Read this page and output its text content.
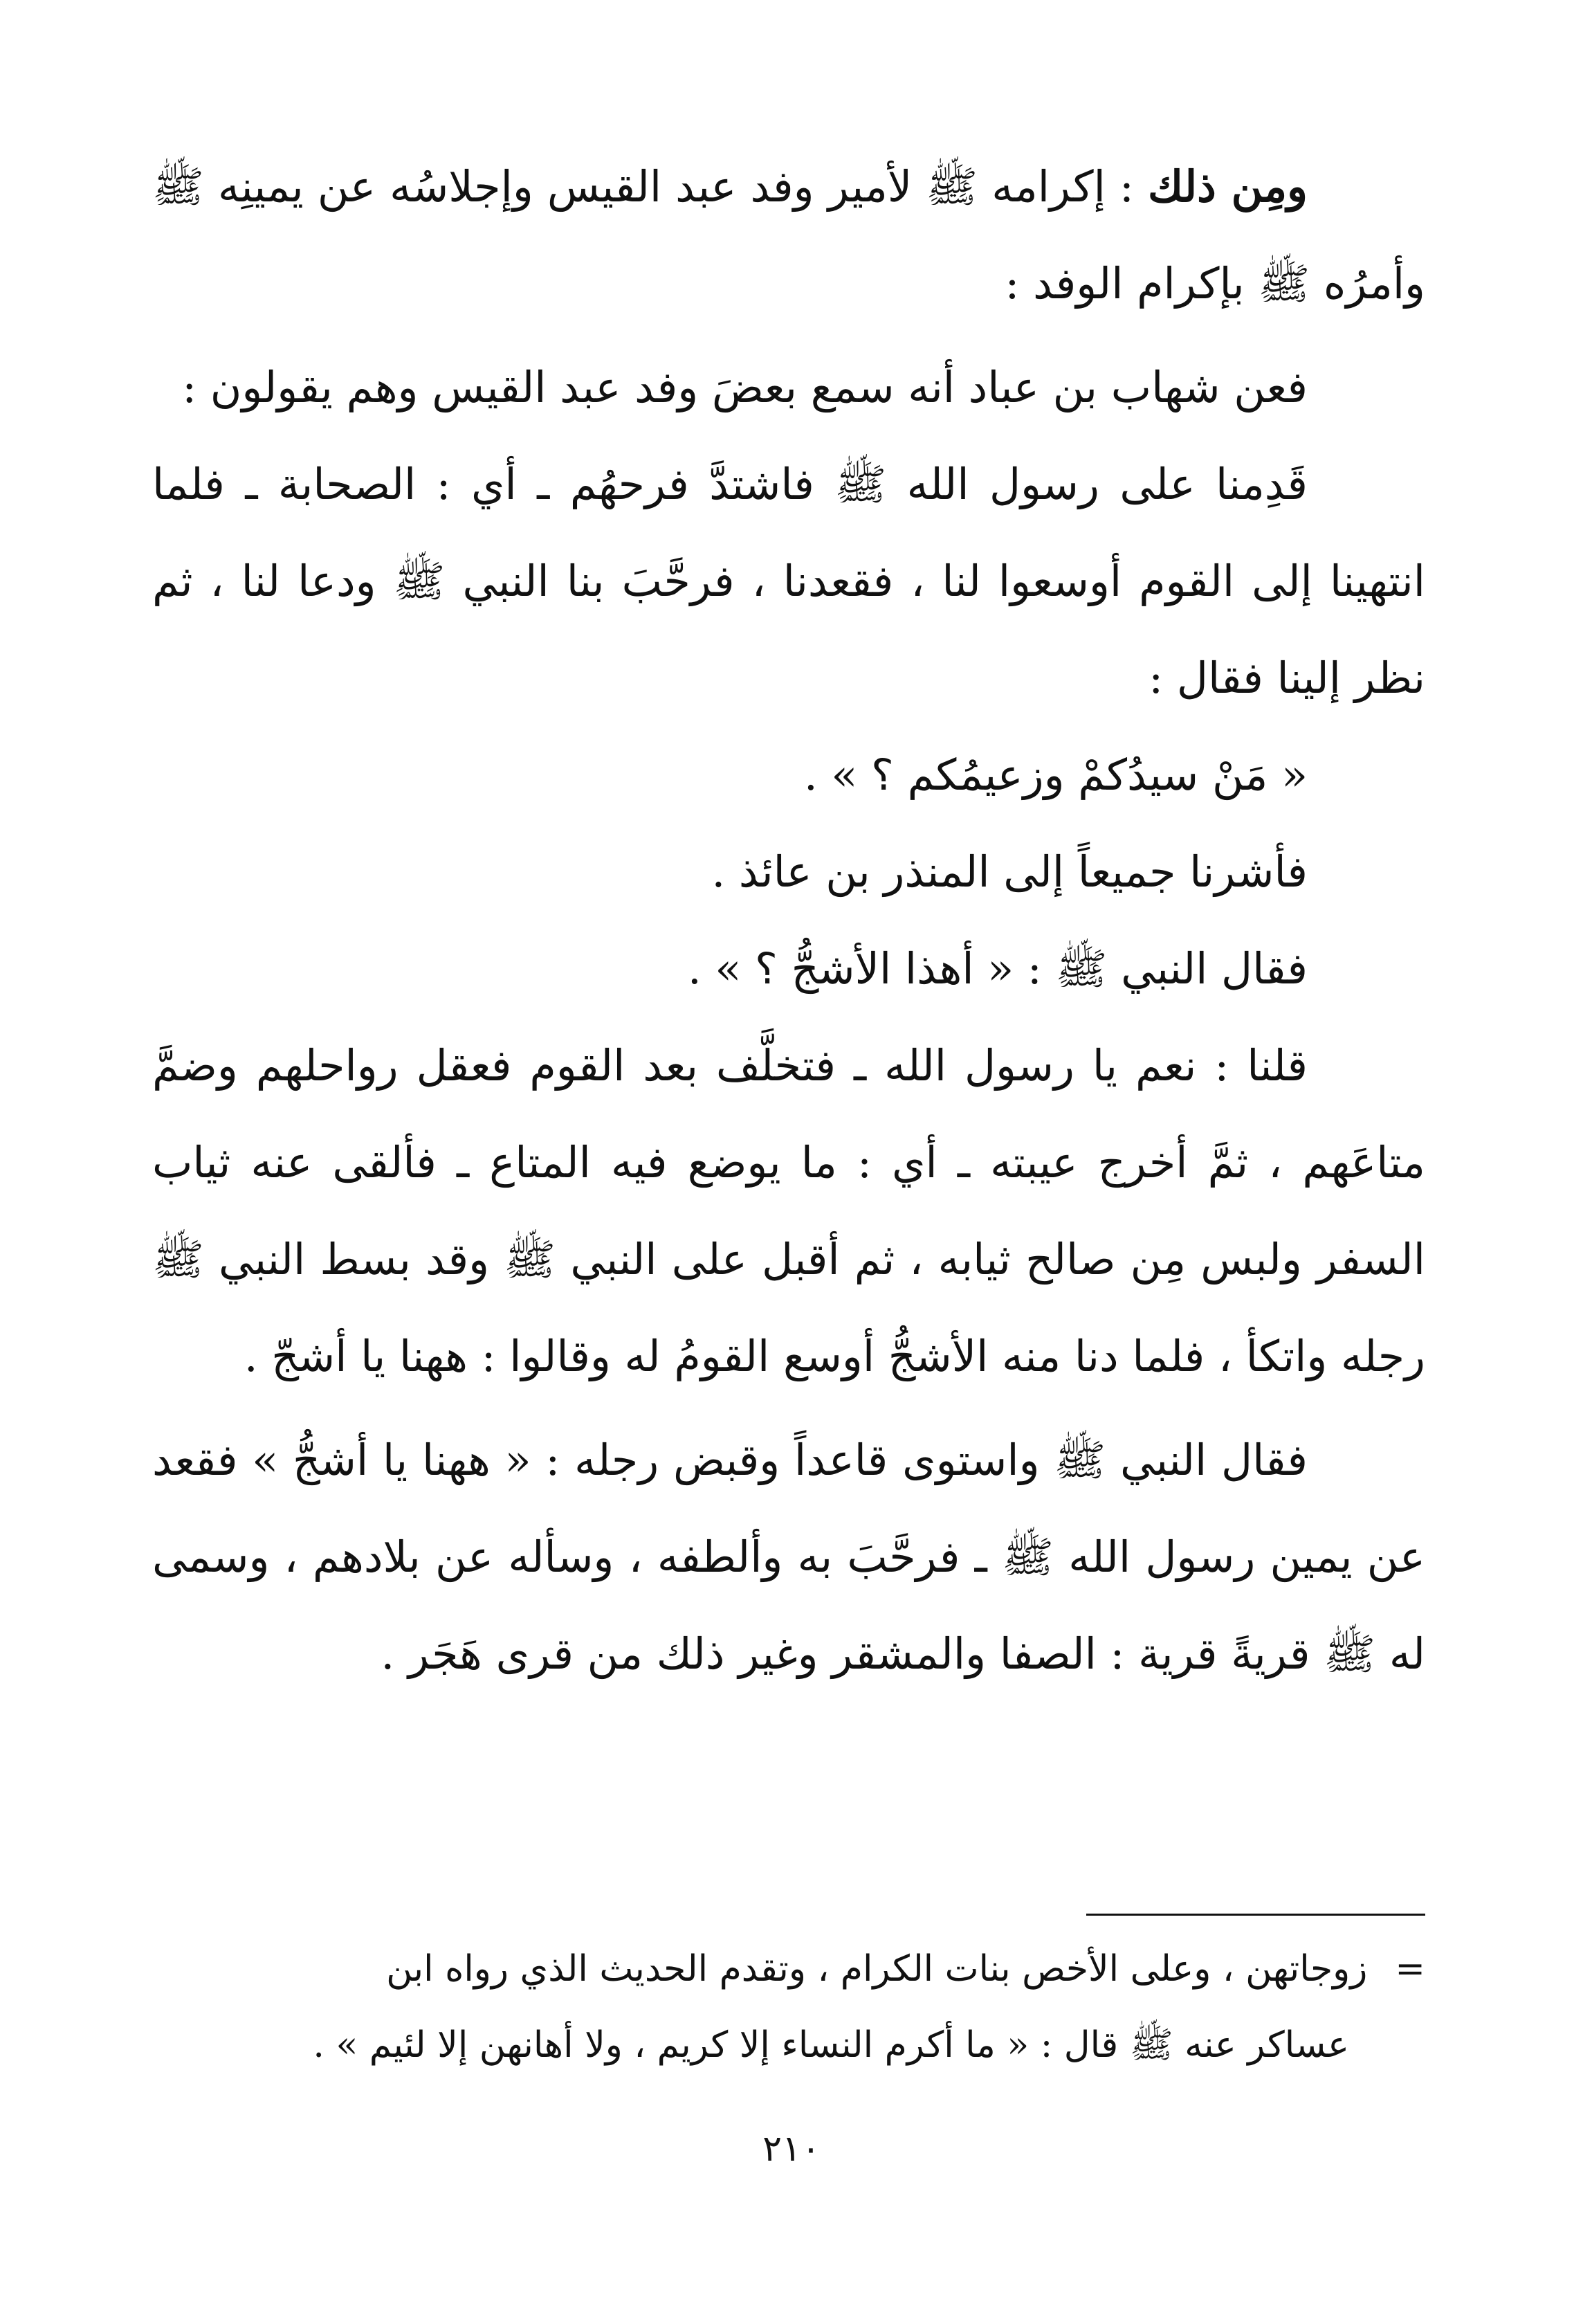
ومِن ذلك : إكرامه ﷺ لأمير وفد عبد القيس وإجلاسُه عن يمينِه ﷺ وأمرُه ﷺ بإكرام الوفد :

فعن شهاب بن عباد أنه سمع بعضَ وفد عبد القيس وهم يقولون :

قَدِمنا على رسول الله ﷺ فاشتدَّ فرحهُم ـ أي : الصحابة ـ فلما انتهينا إلى القوم أوسعوا لنا ، فقعدنا ، فرحَّبَ بنا النبي ﷺ ودعا لنا ، ثم نظر إلينا فقال :

« مَنْ سيدُكمْ وزعيمُكم ؟ » .

فأشرنا جميعاً إلى المنذر بن عائذ .

فقال النبي ﷺ : « أهذا الأشجُّ ؟ » .

قلنا : نعم يا رسول الله ـ فتخلَّف بعد القوم فعقل رواحلهم وضمَّ متاعَهم ، ثمَّ أخرج عيبته ـ أي : ما يوضع فيه المتاع ـ فألقى عنه ثياب السفر ولبس مِن صالح ثيابه ، ثم أقبل على النبي ﷺ وقد بسط النبي ﷺ رجله واتكأ ، فلما دنا منه الأشجُّ أوسع القومُ له وقالوا : ههنا يا أشجّ .

فقال النبي ﷺ واستوى قاعداً وقبض رجله : « ههنا يا أشجُّ » فقعد عن يمين رسول الله ﷺ ـ فرحَّبَ به وألطفه ، وسأله عن بلادهم ، وسمى له ﷺ قريةً قرية : الصفا والمشقر وغير ذلك من قرى هَجَر .

=زوجاتهن ، وعلى الأخص بنات الكرام ، وتقدم الحديث الذي رواه ابن

عساكر عنه ﷺ قال : « ما أكرم النساء إلا كريم ، ولا أهانهن إلا لئيم » .

٢١٠
